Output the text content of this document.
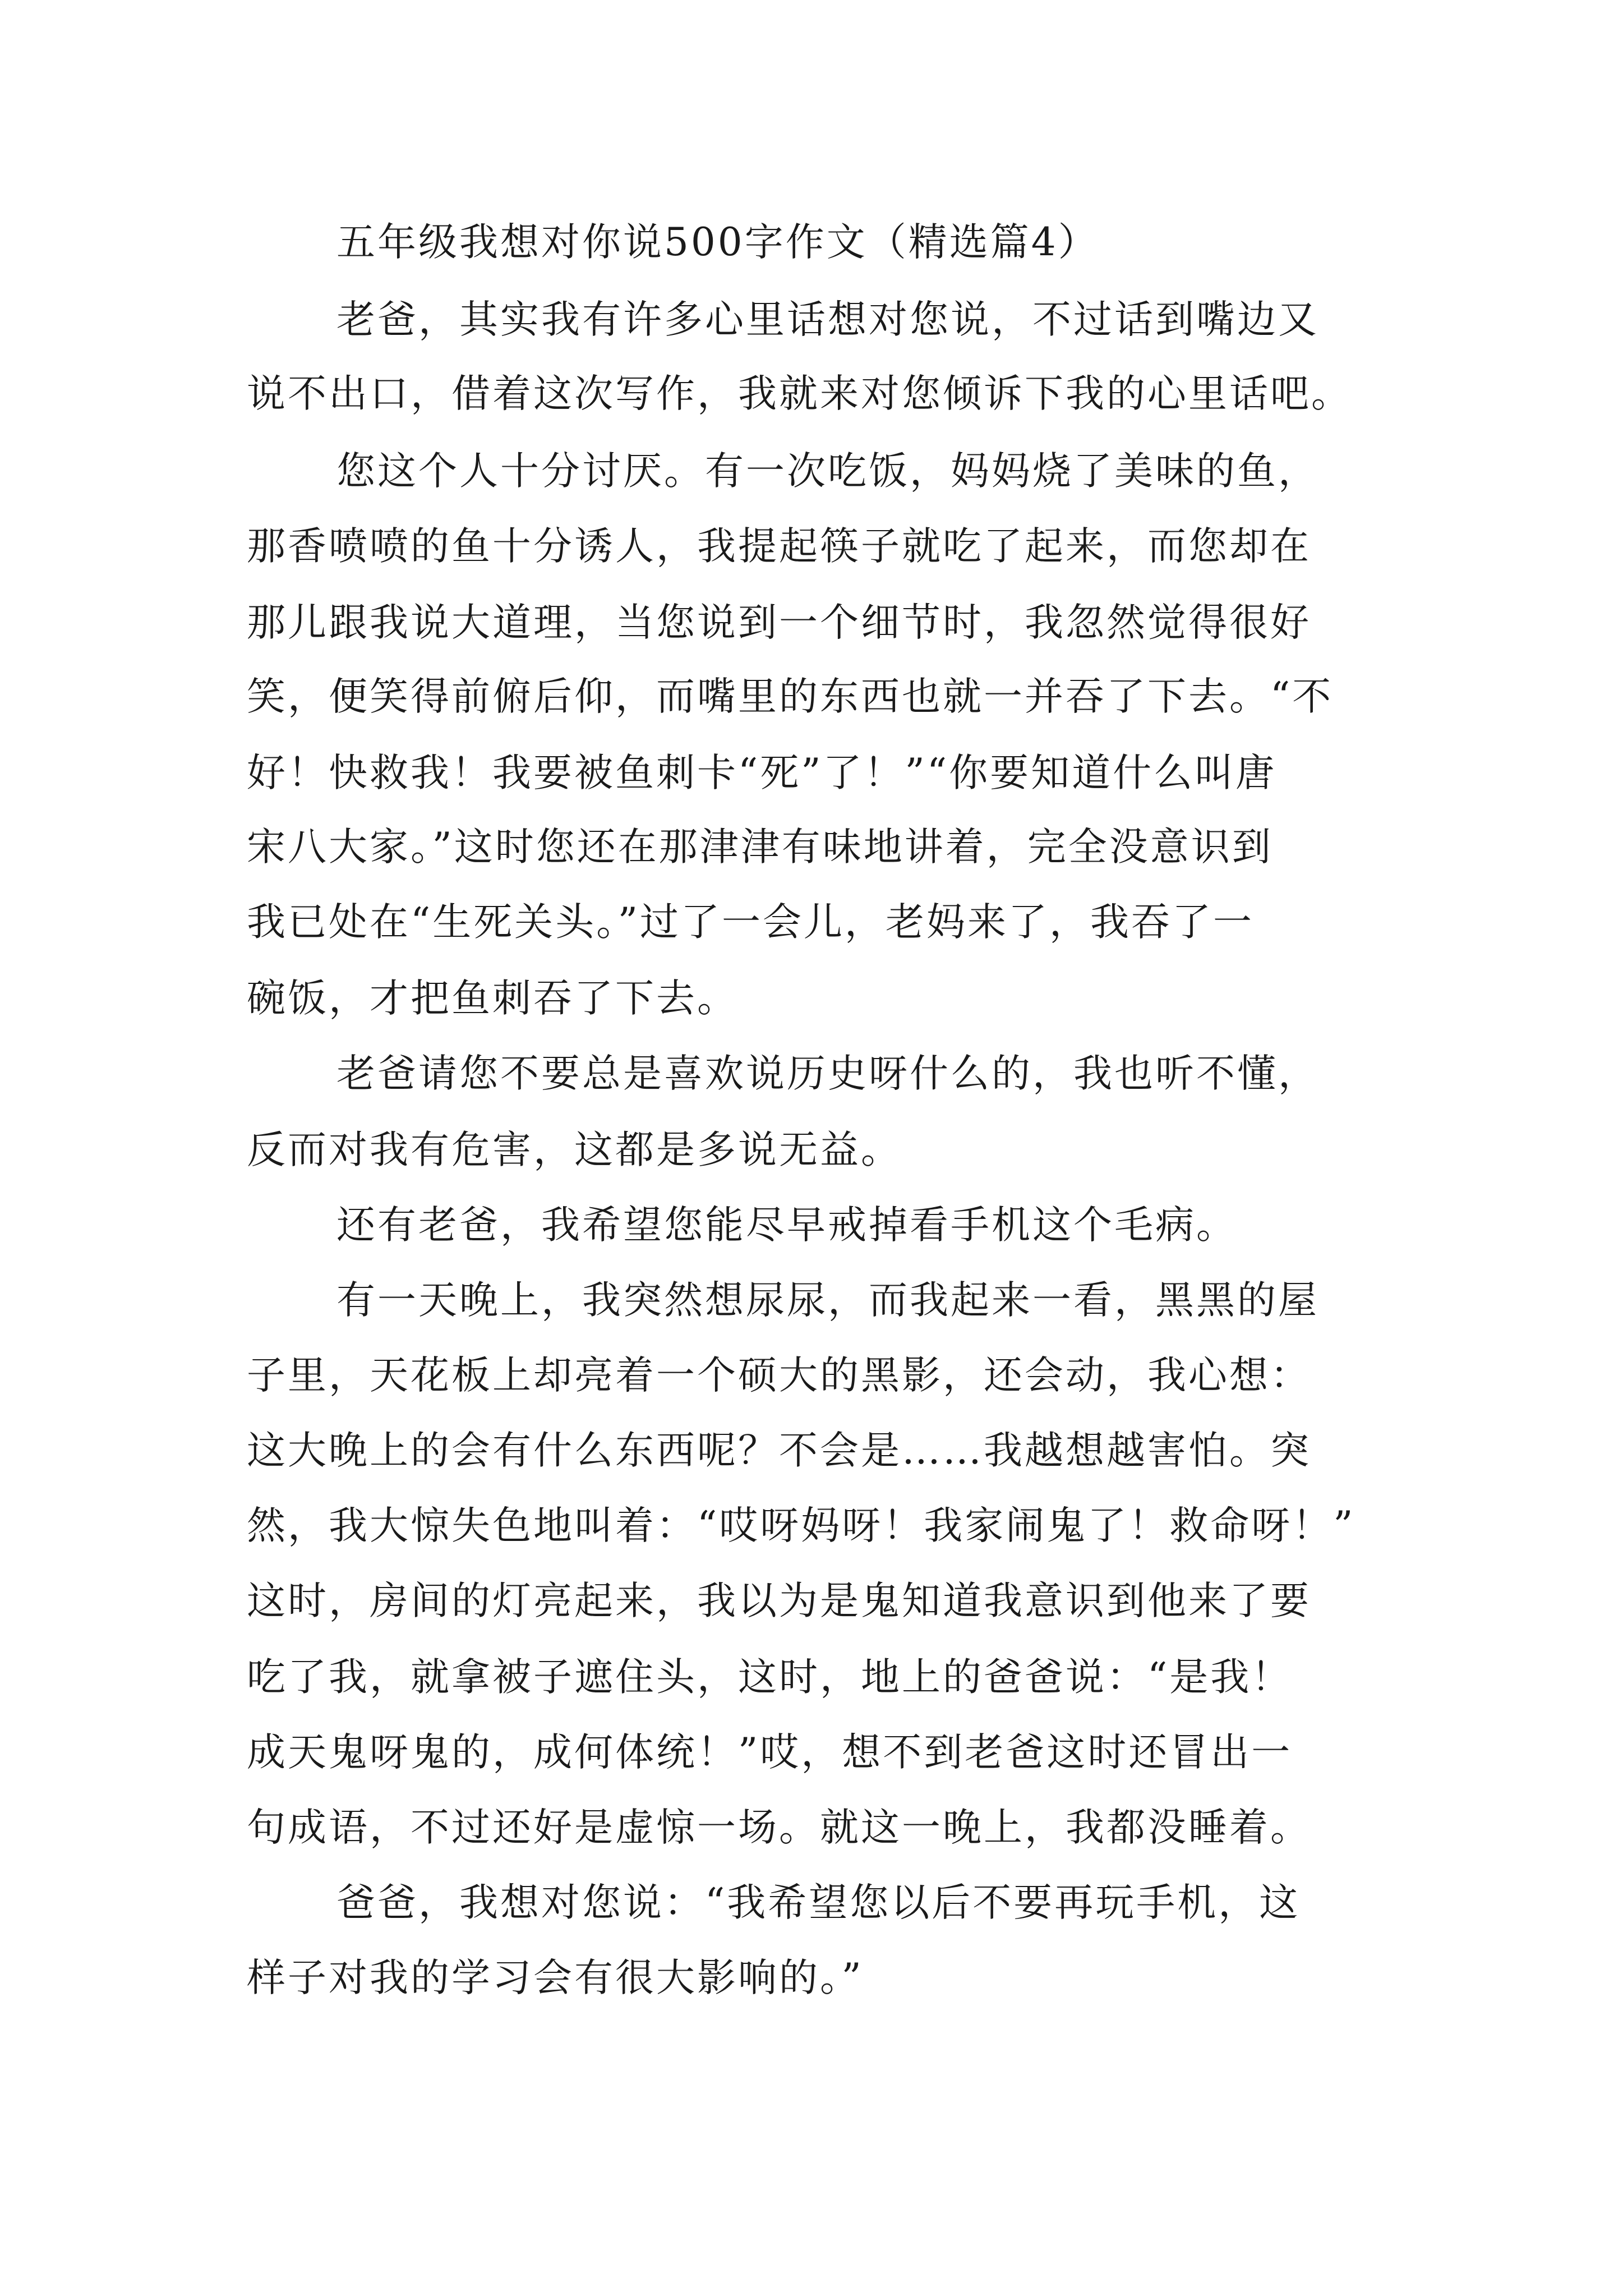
五年级我想对你说500字作文（精选篇4）
老爸，其实我有许多心里话想对您说，不过话到嘴边又
说不出口，借着这次写作，我就来对您倾诉下我的心里话吧。
您这个人十分讨厌。有一次吃饭，妈妈烧了美味的鱼，
那香喷喷的鱼十分诱人，我提起筷子就吃了起来，而您却在
那儿跟我说大道理，当您说到一个细节时，我忽然觉得很好
笑，便笑得前俯后仰，而嘴里的东西也就一并吞了下去。“不
好！快救我！我要被鱼刺卡“死”了！”“你要知道什么叫唐
宋八大家。”这时您还在那津津有味地讲着，完全没意识到
我已处在“生死关头。”过了一会儿，老妈来了，我吞了一
碗饭，才把鱼刺吞了下去。
老爸请您不要总是喜欢说历史呀什么的，我也听不懂，
反而对我有危害，这都是多说无益。
还有老爸，我希望您能尽早戒掉看手机这个毛病。
有一天晚上，我突然想尿尿，而我起来一看，黑黑的屋
子里，天花板上却亮着一个硕大的黑影，还会动，我心想：
这大晚上的会有什么东西呢？不会是……我越想越害怕。突
然，我大惊失色地叫着：“哎呀妈呀！我家闹鬼了！救命呀！”
这时，房间的灯亮起来，我以为是鬼知道我意识到他来了要
吃了我，就拿被子遮住头，这时，地上的爸爸说：“是我！
成天鬼呀鬼的，成何体统！”哎，想不到老爸这时还冒出一
句成语，不过还好是虚惊一场。就这一晚上，我都没睡着。
爸爸，我想对您说：“我希望您以后不要再玩手机，这
样子对我的学习会有很大影响的。”
